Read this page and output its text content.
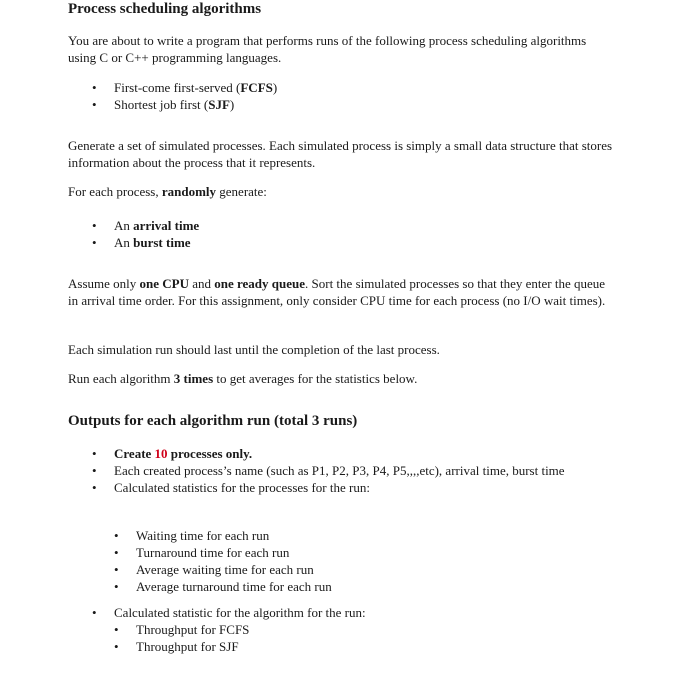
Process scheduling algorithms
You are about to write a program that performs runs of the following process scheduling algorithms using C or C++ programming languages.
• First-come first-served (FCFS)
• Shortest job first (SJF)
Generate a set of simulated processes. Each simulated process is simply a small data structure that stores information about the process that it represents.
For each process, randomly generate:
• An arrival time
• An burst time
Assume only one CPU and one ready queue. Sort the simulated processes so that they enter the queue in arrival time order. For this assignment, only consider CPU time for each process (no I/O wait times).
Each simulation run should last until the completion of the last process.
Run each algorithm 3 times to get averages for the statistics below.
Outputs for each algorithm run (total 3 runs)
• Create 10 processes only.
• Each created process’s name (such as P1, P2, P3, P4, P5,,,,etc), arrival time, burst time
• Calculated statistics for the processes for the run:
• Waiting time for each run
• Turnaround time for each run
• Average waiting time for each run
• Average turnaround time for each run
• Calculated statistic for the algorithm for the run:
• Throughput for FCFS
• Throughput for SJF
